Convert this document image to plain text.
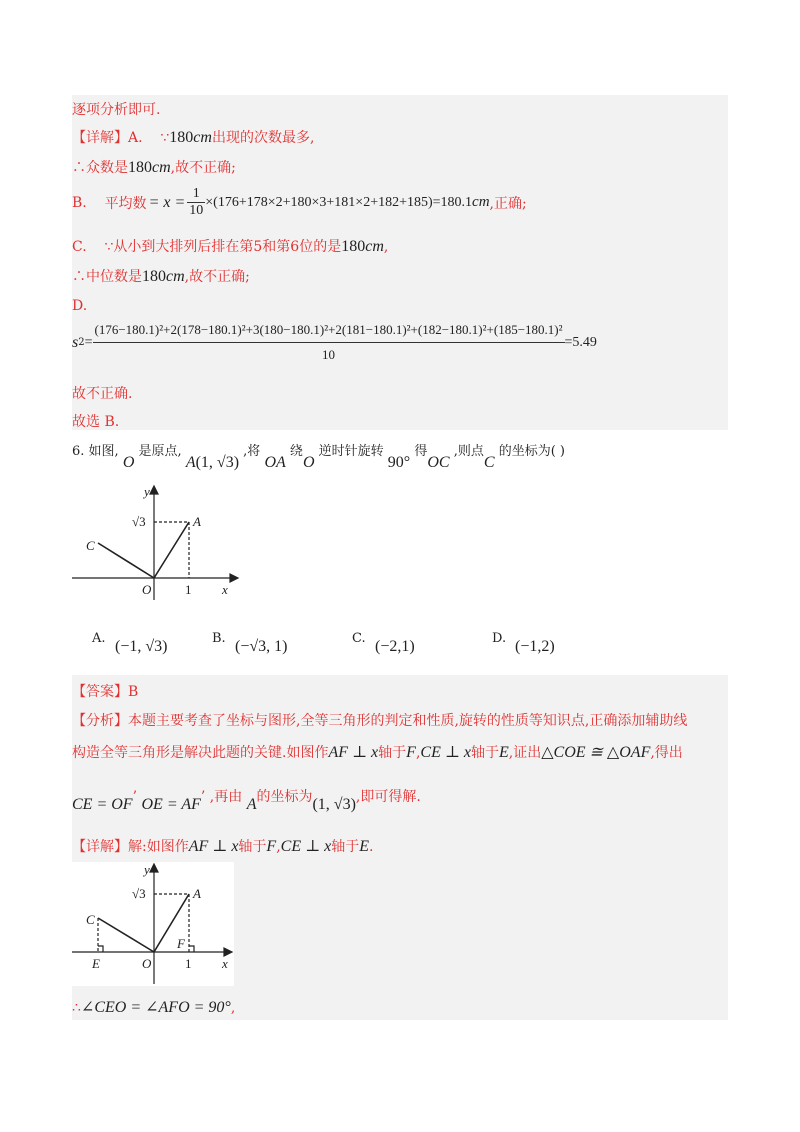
逐项分析即可.
【详解】A. ∵180cm出现的次数最多,
∴众数是180cm,故不正确;
B.
平均数 = $x = \frac{1}{10} \times(176+178\times 2+180\times 3+181\times 2+182+185)=180.1$ cm ,正确;
C. ∵从小到大排列后排在第5和第6位的是180cm,
∴中位数是180cm,故不正确;
D.
s 2 =
(176−180.1)²+2(178−180.1)²+3(180−180.1)²+2(181−180.1)²+(182−180.1)²+(185−180.1)²
10
=5.49
故不正确.
故选 B.
6. 如图, O 是原点, A(1, √3) ,将 OA 绕O 逆时针旋转 90° 得OC ,则点C 的坐标为( )
y
x
O
A
C
1
√3
A. (−1, √3)	B. (−√3, 1)	C. (−2,1)	D. (−1,2)
【答案】B
【分析】本题主要考查了坐标与图形,全等三角形的判定和性质,旋转的性质等知识点,正确添加辅助线
构造全等三角形是解决此题的关键.如图作AF ⊥ x轴于F,CE ⊥ x轴于E,证出△COE ≅ △OAF,得出
CE = OF’ OE = AF’ ,再由 A的坐标为(1, √3),即可得解.
【详解】解:如图作AF ⊥ x轴于F,CE ⊥ x轴于E.
y
x
O
A
C
E
F
1
√3
∴∠CEO = ∠AFO = 90°,
